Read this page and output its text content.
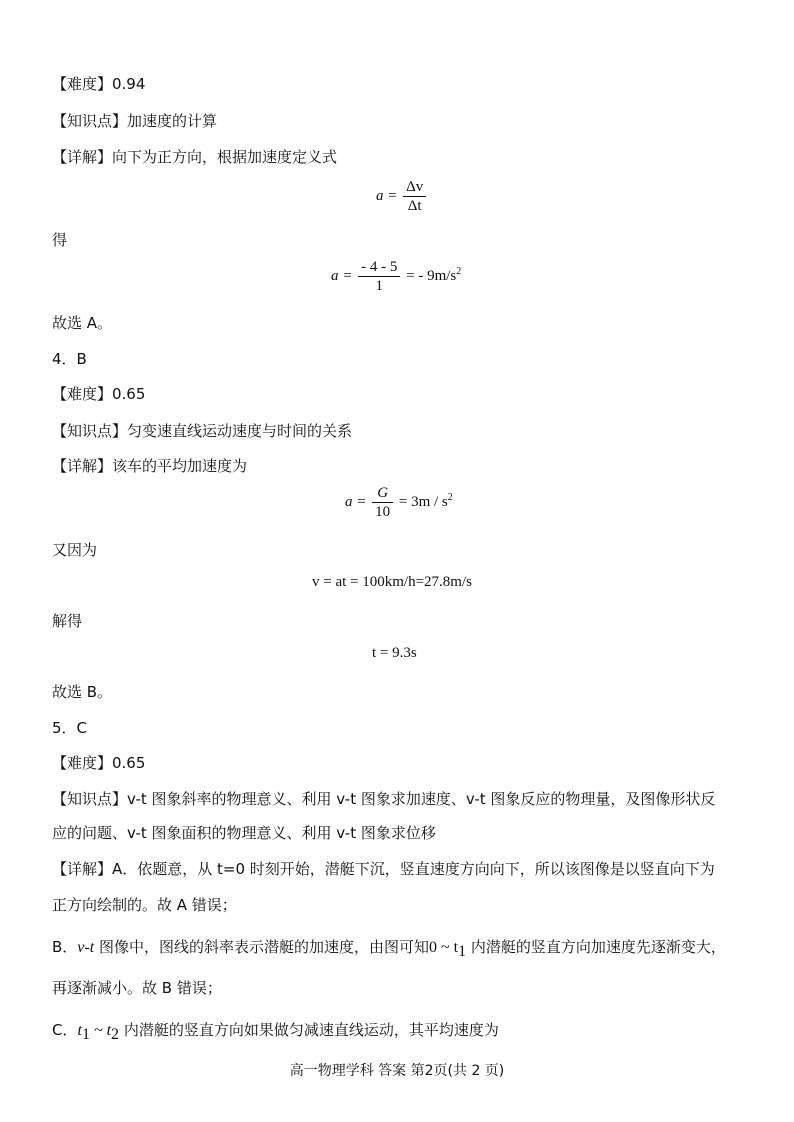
【难度】0.94
【知识点】加速度的计算
【详解】向下为正方向，根据加速度定义式
$a = \frac{\Delta v}{\Delta t}$
得
$a = \frac{- 4 - 5}{1}$ = - $9m/s^2$
故选 A。
4．B
【难度】0.65
【知识点】匀变速直线运动速度与时间的关系
【详解】该车的平均加速度为
$a = \frac{G}{10} = 3m / s^2$
又因为
v = at = 100km/h=27.8m/s
解得
t = 9.3s
故选 B。
5．C
【难度】0.65
【知识点】v-t 图象斜率的物理意义、利用 v-t 图象求加速度、v-t 图象反应的物理量，及图像形状反
应的问题、v-t 图象面积的物理意义、利用 v-t 图象求位移
【详解】A．依题意，从 t=0 时刻开始，潜艇下沉，竖直速度方向向下，所以该图像是以竖直向下为
正方向绘制的。故 A 错误；
B．v-t 图像中，图线的斜率表示潜艇的加速度，由图可知0 ~ $t_1$ 内潜艇的竖直方向加速度先逐渐变大，
再逐渐减小。故 B 错误；
C．$t_1$ ~ $t_2$ 内潜艇的竖直方向如果做匀减速直线运动，其平均速度为
高一物理学科 答案 第2页(共 2 页)
